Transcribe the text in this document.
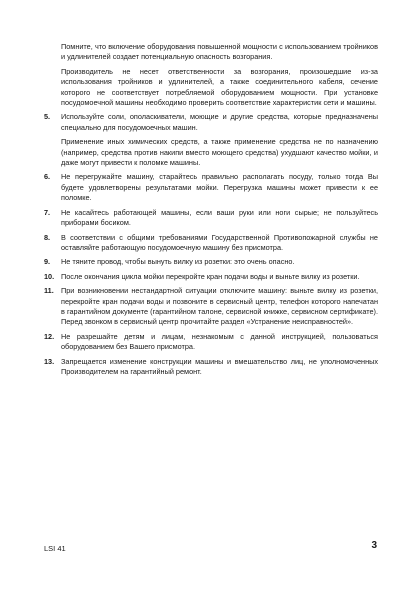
Помните, что включение оборудования повышенной мощности с использованием тройников и удлинителей создает потенциальную опасность возгорания.

Производитель не несет ответственности за возгорания, произошедшие из-за использования тройников и удлинителей, а также соединительного кабеля, сечение которого не соответствует потребляемой оборудованием мощности. При установке посудомоечной машины необходимо проверить соответствие характеристик сети и машины.

5.	Используйте соли, ополаскиватели, моющие и другие средства, которые предназначены специально для посудомоечных машин.

Применение иных химических средств, а также применение средства не по назначению (например, средства против накипи вместо моющего средства) ухудшают качество мойки, и даже могут привести к поломке машины.

6.	Не перегружайте машину, старайтесь правильно располагать посуду, только тогда Вы будете удовлетворены результатами мойки. Перегрузка машины может привести к ее поломке.

7.	Не касайтесь работающей машины, если ваши руки или ноги сырые; не пользуйтесь приборами босиком.

8.	В соответствии с общими требованиями Государственной Противопожарной службы не оставляйте работающую посудомоечную машину без присмотра.

9.	Не тяните провод, чтобы вынуть вилку из розетки: это очень опасно.

10. После окончания цикла мойки перекройте кран подачи воды и выньте вилку из розетки.

11. При возникновении нестандартной ситуации отключите машину: выньте вилку из розетки, перекройте кран подачи воды и позвоните в сервисный центр, телефон которого напечатан в гарантийном документе (гарантийном талоне, сервисной книжке, сервисном сертификате). Перед звонком в сервисный центр прочитайте раздел «Устранение неисправностей».

12. Не разрешайте детям и лицам, незнакомым с данной инструкцией, пользоваться оборудованием без Вашего присмотра.

13. Запрещается изменение конструкции машины и вмешательство лиц, не уполномоченных Производителем на гарантийный ремонт.

LSI 41	3
